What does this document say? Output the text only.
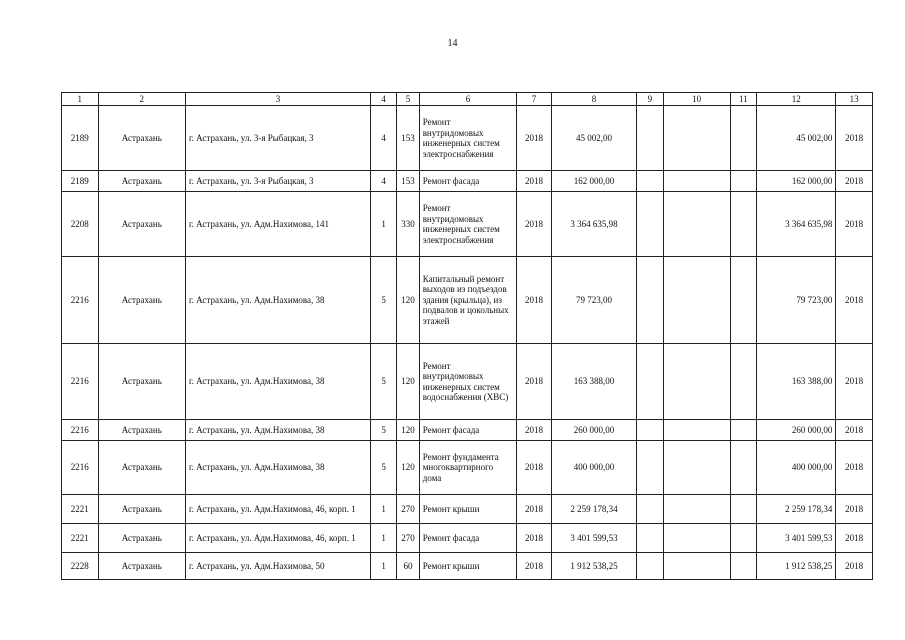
14
1	2	3	4	5	6	7	8	9	10	11	12	13
2189	Астрахань	г. Астрахань, ул. 3-я Рыбацкая, 3	4	153	Ремонт внутридомовых инженерных систем электроснабжения	2018	45 002,00				45 002,00	2018
2189	Астрахань	г. Астрахань, ул. 3-я Рыбацкая, 3	4	153	Ремонт фасада	2018	162 000,00				162 000,00	2018
2208	Астрахань	г. Астрахань, ул. Адм.Нахимова, 141	1	330	Ремонт внутридомовых инженерных систем электроснабжения	2018	3 364 635,98				3 364 635,98	2018
2216	Астрахань	г. Астрахань, ул. Адм.Нахимова, 38	5	120	Капитальный ремонт выходов из подъездов здания (крыльца), из подвалов и цокольных этажей	2018	79 723,00				79 723,00	2018
2216	Астрахань	г. Астрахань, ул. Адм.Нахимова, 38	5	120	Ремонт внутридомовых инженерных систем водоснабжения (ХВС)	2018	163 388,00				163 388,00	2018
2216	Астрахань	г. Астрахань, ул. Адм.Нахимова, 38	5	120	Ремонт фасада	2018	260 000,00				260 000,00	2018
2216	Астрахань	г. Астрахань, ул. Адм.Нахимова, 38	5	120	Ремонт фундамента многоквартирного дома	2018	400 000,00				400 000,00	2018
2221	Астрахань	г. Астрахань, ул. Адм.Нахимова, 46, корп. 1	1	270	Ремонт крыши	2018	2 259 178,34				2 259 178,34	2018
2221	Астрахань	г. Астрахань, ул. Адм.Нахимова, 46, корп. 1	1	270	Ремонт фасада	2018	3 401 599,53				3 401 599,53	2018
2228	Астрахань	г. Астрахань, ул. Адм.Нахимова, 50	1	60	Ремонт крыши	2018	1 912 538,25				1 912 538,25	2018
